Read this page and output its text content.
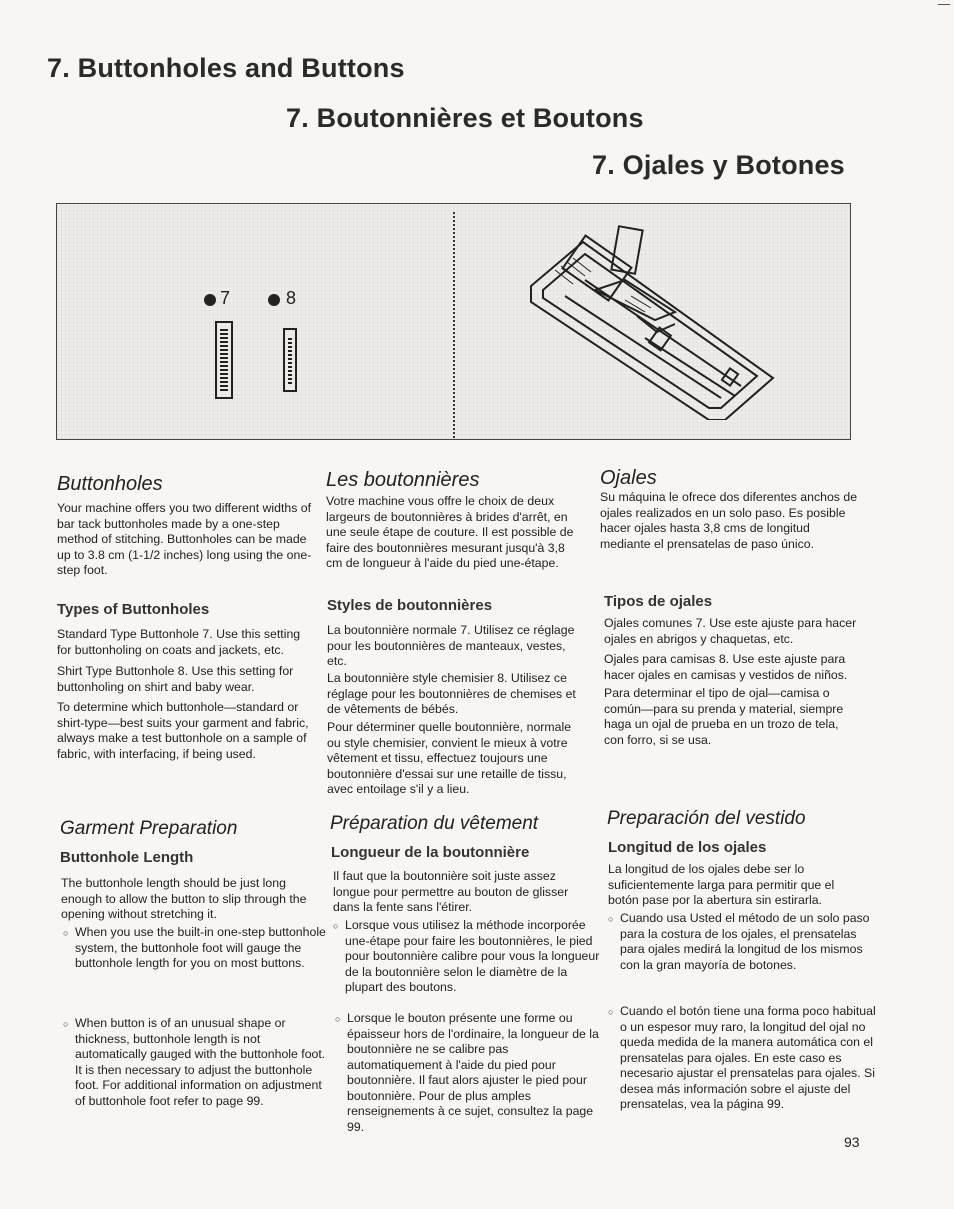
7. Buttonholes and Buttons
7. Boutonnières et Boutons
7. Ojales y Botones
7	8
Buttonholes

Your machine offers you two different widths of bar tack buttonholes made by a one-step method of stitching. Buttonholes can be made up to 3.8 cm (1-1/2 inches) long using the one-step foot.

Types of Buttonholes

Standard Type Buttonhole 7. Use this setting for buttonholing on coats and jackets, etc.

Shirt Type Buttonhole 8. Use this setting for buttonholing on shirt and baby wear.

To determine which buttonhole—standard or shirt-type—best suits your garment and fabric, always make a test buttonhole on a sample of fabric, with interfacing, if being used.

Garment Preparation
Buttonhole Length

The buttonhole length should be just long enough to allow the button to slip through the opening without stretching it.

○ When you use the built-in one-step buttonhole system, the buttonhole foot will gauge the buttonhole length for you on most buttons.
○ When button is of an unusual shape or thickness, buttonhole length is not automatically gauged with the buttonhole foot. It is then necessary to adjust the buttonhole foot. For additional information on adjustment of buttonhole foot refer to page 99.
Les boutonnières

Votre machine vous offre le choix de deux largeurs de boutonnières à brides d'arrêt, en une seule étape de couture. Il est possible de faire des boutonnières mesurant jusqu'à 3,8 cm de longueur à l'aide du pied une-étape.

Styles de boutonnières

La boutonnière normale 7. Utilisez ce réglage pour les boutonnières de manteaux, vestes, etc.

La boutonnière style chemisier 8. Utilisez ce réglage pour les boutonnières de chemises et de vêtements de bébés.

Pour déterminer quelle boutonnière, normale ou style chemisier, convient le mieux à votre vêtement et tissu, effectuez toujours une boutonnière d'essai sur une retaille de tissu, avec entoilage s'il y a lieu.

Préparation du vêtement
Longueur de la boutonnière

Il faut que la boutonnière soit juste assez longue pour permettre au bouton de glisser dans la fente sans l'étirer.

○ Lorsque vous utilisez la méthode incorporée une-étape pour faire les boutonnières, le pied pour boutonnière calibre pour vous la longueur de la boutonnière selon le diamètre de la plupart des boutons.
○ Lorsque le bouton présente une forme ou épaisseur hors de l'ordinaire, la longueur de la boutonnière ne se calibre pas automatiquement à l'aide du pied pour boutonnière. Il faut alors ajuster le pied pour boutonnière. Pour de plus amples renseignements à ce sujet, consultez la page 99.
Ojales

Su máquina le ofrece dos diferentes anchos de ojales realizados en un solo paso. Es posible hacer ojales hasta 3,8 cms de longitud mediante el prensatelas de paso único.

Tipos de ojales

Ojales comunes 7. Use este ajuste para hacer ojales en abrigos y chaquetas, etc.

Ojales para camisas 8. Use este ajuste para hacer ojales en camisas y vestidos de niños.

Para determinar el tipo de ojal—camisa o común—para su prenda y material, siempre haga un ojal de prueba en un trozo de tela, con forro, si se usa.

Preparación del vestido
Longitud de los ojales

La longitud de los ojales debe ser lo suficientemente larga para permitir que el botón pase por la abertura sin estirarla.

○ Cuando usa Usted el método de un solo paso para la costura de los ojales, el prensatelas para ojales medirá la longitud de los mismos con la gran mayoría de botones.
○ Cuando el botón tiene una forma poco habitual o un espesor muy raro, la longitud del ojal no queda medida de la manera automática con el prensatelas para ojales. En este caso es necesario ajustar el prensatelas para ojales. Si desea más información sobre el ajuste del prensatelas, vea la página 99.
93
